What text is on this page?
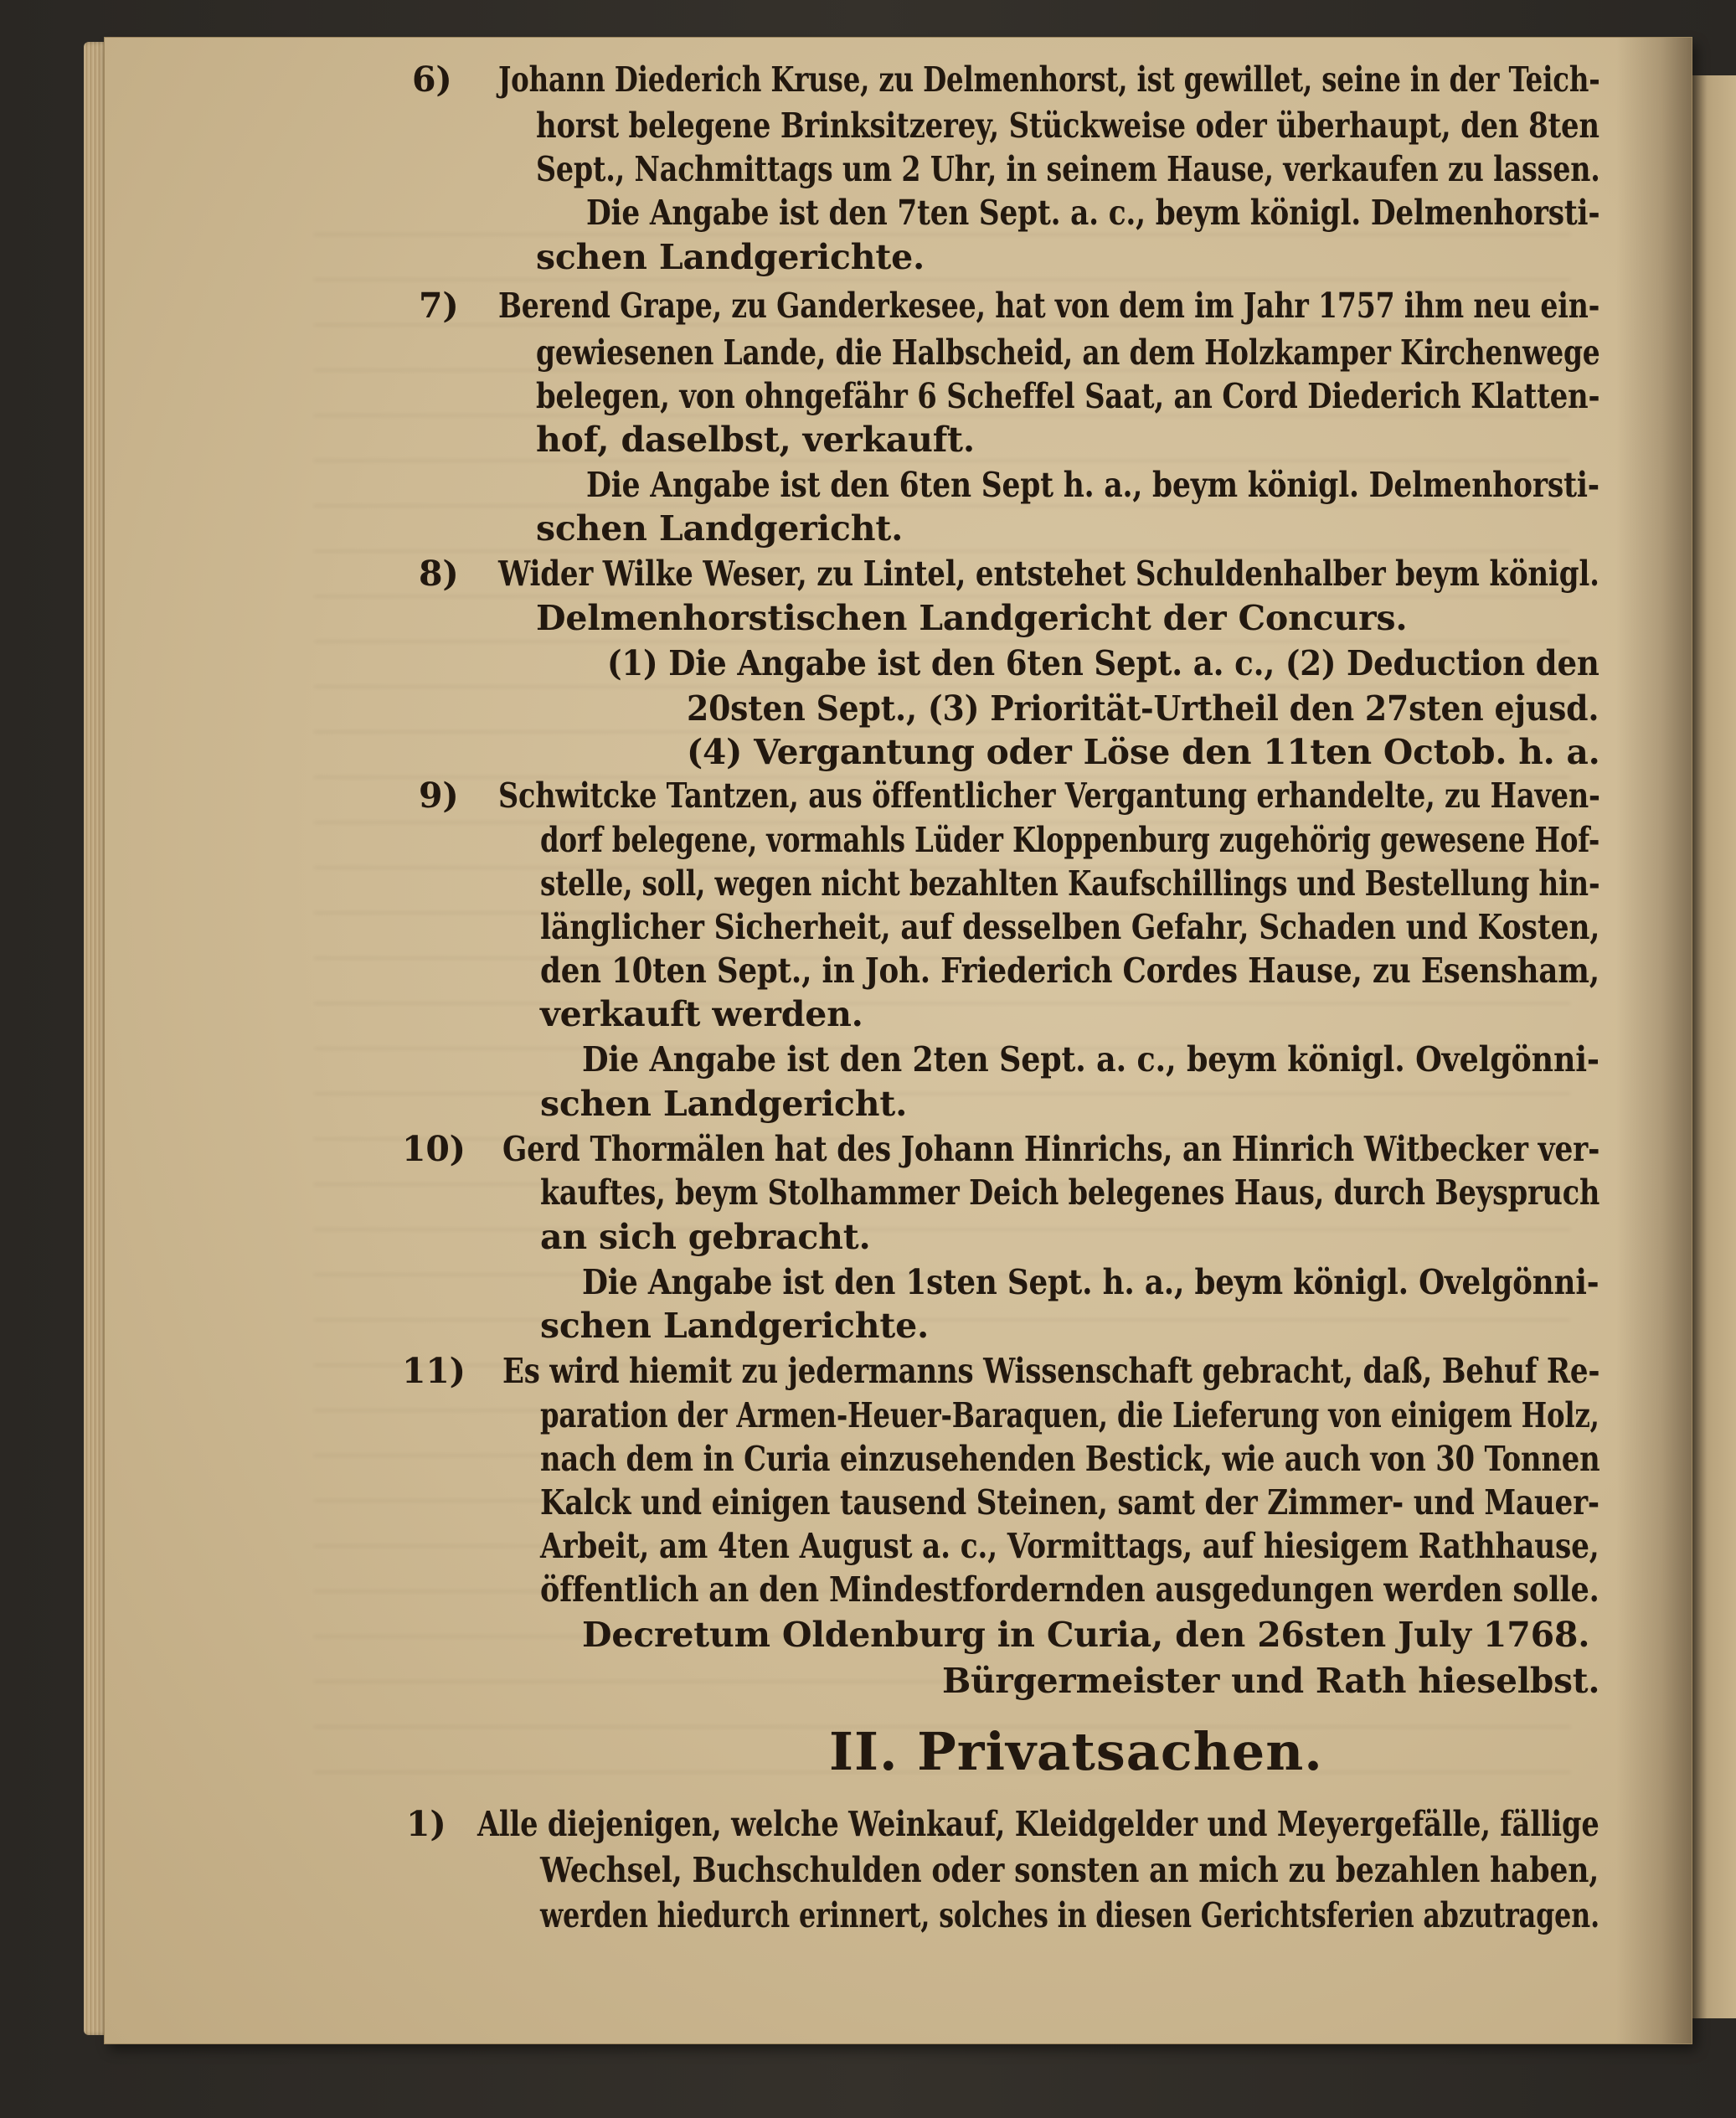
6) Johann Diederich Kruse, zu Delmenhorst, ist gewillet, seine in der Teich-
horst belegene Brinksitzerey, Stückweise oder überhaupt, den 8ten
Sept., Nachmittags um 2 Uhr, in seinem Hause, verkaufen zu lassen.
Die Angabe ist den 7ten Sept. a. c., beym königl. Delmenhorsti-
schen Landgerichte.
7) Berend Grape, zu Ganderkesee, hat von dem im Jahr 1757 ihm neu ein-
gewiesenen Lande, die Halbscheid, an dem Holzkamper Kirchenwege
belegen, von ohngefähr 6 Scheffel Saat, an Cord Diederich Klatten-
hof, daselbst, verkauft.
Die Angabe ist den 6ten Sept h. a., beym königl. Delmenhorsti-
schen Landgericht.
8) Wider Wilke Weser, zu Lintel, entstehet Schuldenhalber beym königl.
Delmenhorstischen Landgericht der Concurs.
(1) Die Angabe ist den 6ten Sept. a. c., (2) Deduction den
20sten Sept., (3) Priorität-Urtheil den 27sten ejusd.
(4) Vergantung oder Löse den 11ten Octob. h. a.
9) Schwitcke Tantzen, aus öffentlicher Vergantung erhandelte, zu Haven-
dorf belegene, vormahls Lüder Kloppenburg zugehörig gewesene Hof-
stelle, soll, wegen nicht bezahlten Kaufschillings und Bestellung hin-
länglicher Sicherheit, auf desselben Gefahr, Schaden und Kosten,
den 10ten Sept., in Joh. Friederich Cordes Hause, zu Esensham,
verkauft werden.
Die Angabe ist den 2ten Sept. a. c., beym königl. Ovelgönni-
schen Landgericht.
10) Gerd Thormälen hat des Johann Hinrichs, an Hinrich Witbecker ver-
kauftes, beym Stolhammer Deich belegenes Haus, durch Beyspruch
an sich gebracht.
Die Angabe ist den 1sten Sept. h. a., beym königl. Ovelgönni-
schen Landgerichte.
11) Es wird hiemit zu jedermanns Wissenschaft gebracht, daß, Behuf Re-
paration der Armen-Heuer-Baraquen, die Lieferung von einigem Holz,
nach dem in Curia einzusehenden Bestick, wie auch von 30 Tonnen
Kalck und einigen tausend Steinen, samt der Zimmer- und Mauer-
Arbeit, am 4ten August a. c., Vormittags, auf hiesigem Rathhause,
öffentlich an den Mindestfordernden ausgedungen werden solle.
Decretum Oldenburg in Curia, den 26sten July 1768.
Bürgermeister und Rath hieselbst.
II. Privatsachen.
1) Alle diejenigen, welche Weinkauf, Kleidgelder und Meyergefälle, fällige
Wechsel, Buchschulden oder sonsten an mich zu bezahlen haben,
werden hiedurch erinnert, solches in diesen Gerichtsferien abzutragen.
